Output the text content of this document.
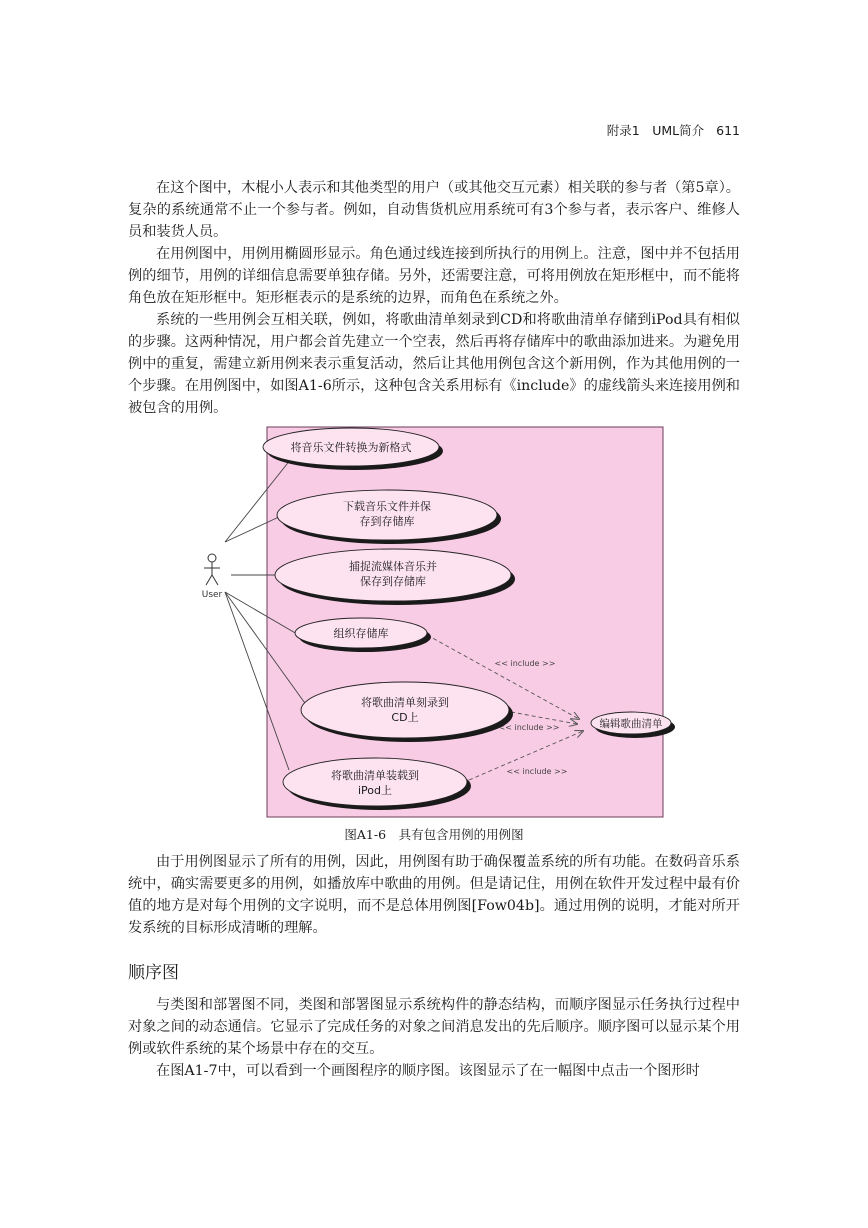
附录1　UML简介 611

在这个图中，木棍小人表示和其他类型的用户（或其他交互元素）相关联的参与者（第5章）。复杂的系统通常不止一个参与者。例如，自动售货机应用系统可有3个参与者，表示客户、维修人员和装货人员。

在用例图中，用例用椭圆形显示。角色通过线连接到所执行的用例上。注意，图中并不包括用例的细节，用例的详细信息需要单独存储。另外，还需要注意，可将用例放在矩形框中，而不能将角色放在矩形框中。矩形框表示的是系统的边界，而角色在系统之外。

系统的一些用例会互相关联，例如，将歌曲清单刻录到CD和将歌曲清单存储到iPod具有相似的步骤。这两种情况，用户都会首先建立一个空表，然后再将存储库中的歌曲添加进来。为避免用例中的重复，需建立新用例来表示重复活动，然后让其他用例包含这个新用例，作为其他用例的一个步骤。在用例图中，如图A1-6所示，这种包含关系用标有《include》的虚线箭头来连接用例和被包含的用例。

User
将音乐文件转换为新格式
下载音乐文件并保
存到存储库
捕捉流媒体音乐并
保存到存储库
组织存储库
将歌曲清单刻录到
CD上
将歌曲清单装载到
iPod上
编辑歌曲清单
<< include >>
<< include >>
<< include >>
图A1-6　具有包含用例的用例图

由于用例图显示了所有的用例，因此，用例图有助于确保覆盖系统的所有功能。在数码音乐系统中，确实需要更多的用例，如播放库中歌曲的用例。但是请记住，用例在软件开发过程中最有价值的地方是对每个用例的文字说明，而不是总体用例图[Fow04b]。通过用例的说明，才能对所开发系统的目标形成清晰的理解。

顺序图

与类图和部署图不同，类图和部署图显示系统构件的静态结构，而顺序图显示任务执行过程中对象之间的动态通信。它显示了完成任务的对象之间消息发出的先后顺序。顺序图可以显示某个用例或软件系统的某个场景中存在的交互。

在图A1-7中，可以看到一个画图程序的顺序图。该图显示了在一幅图中点击一个图形时
